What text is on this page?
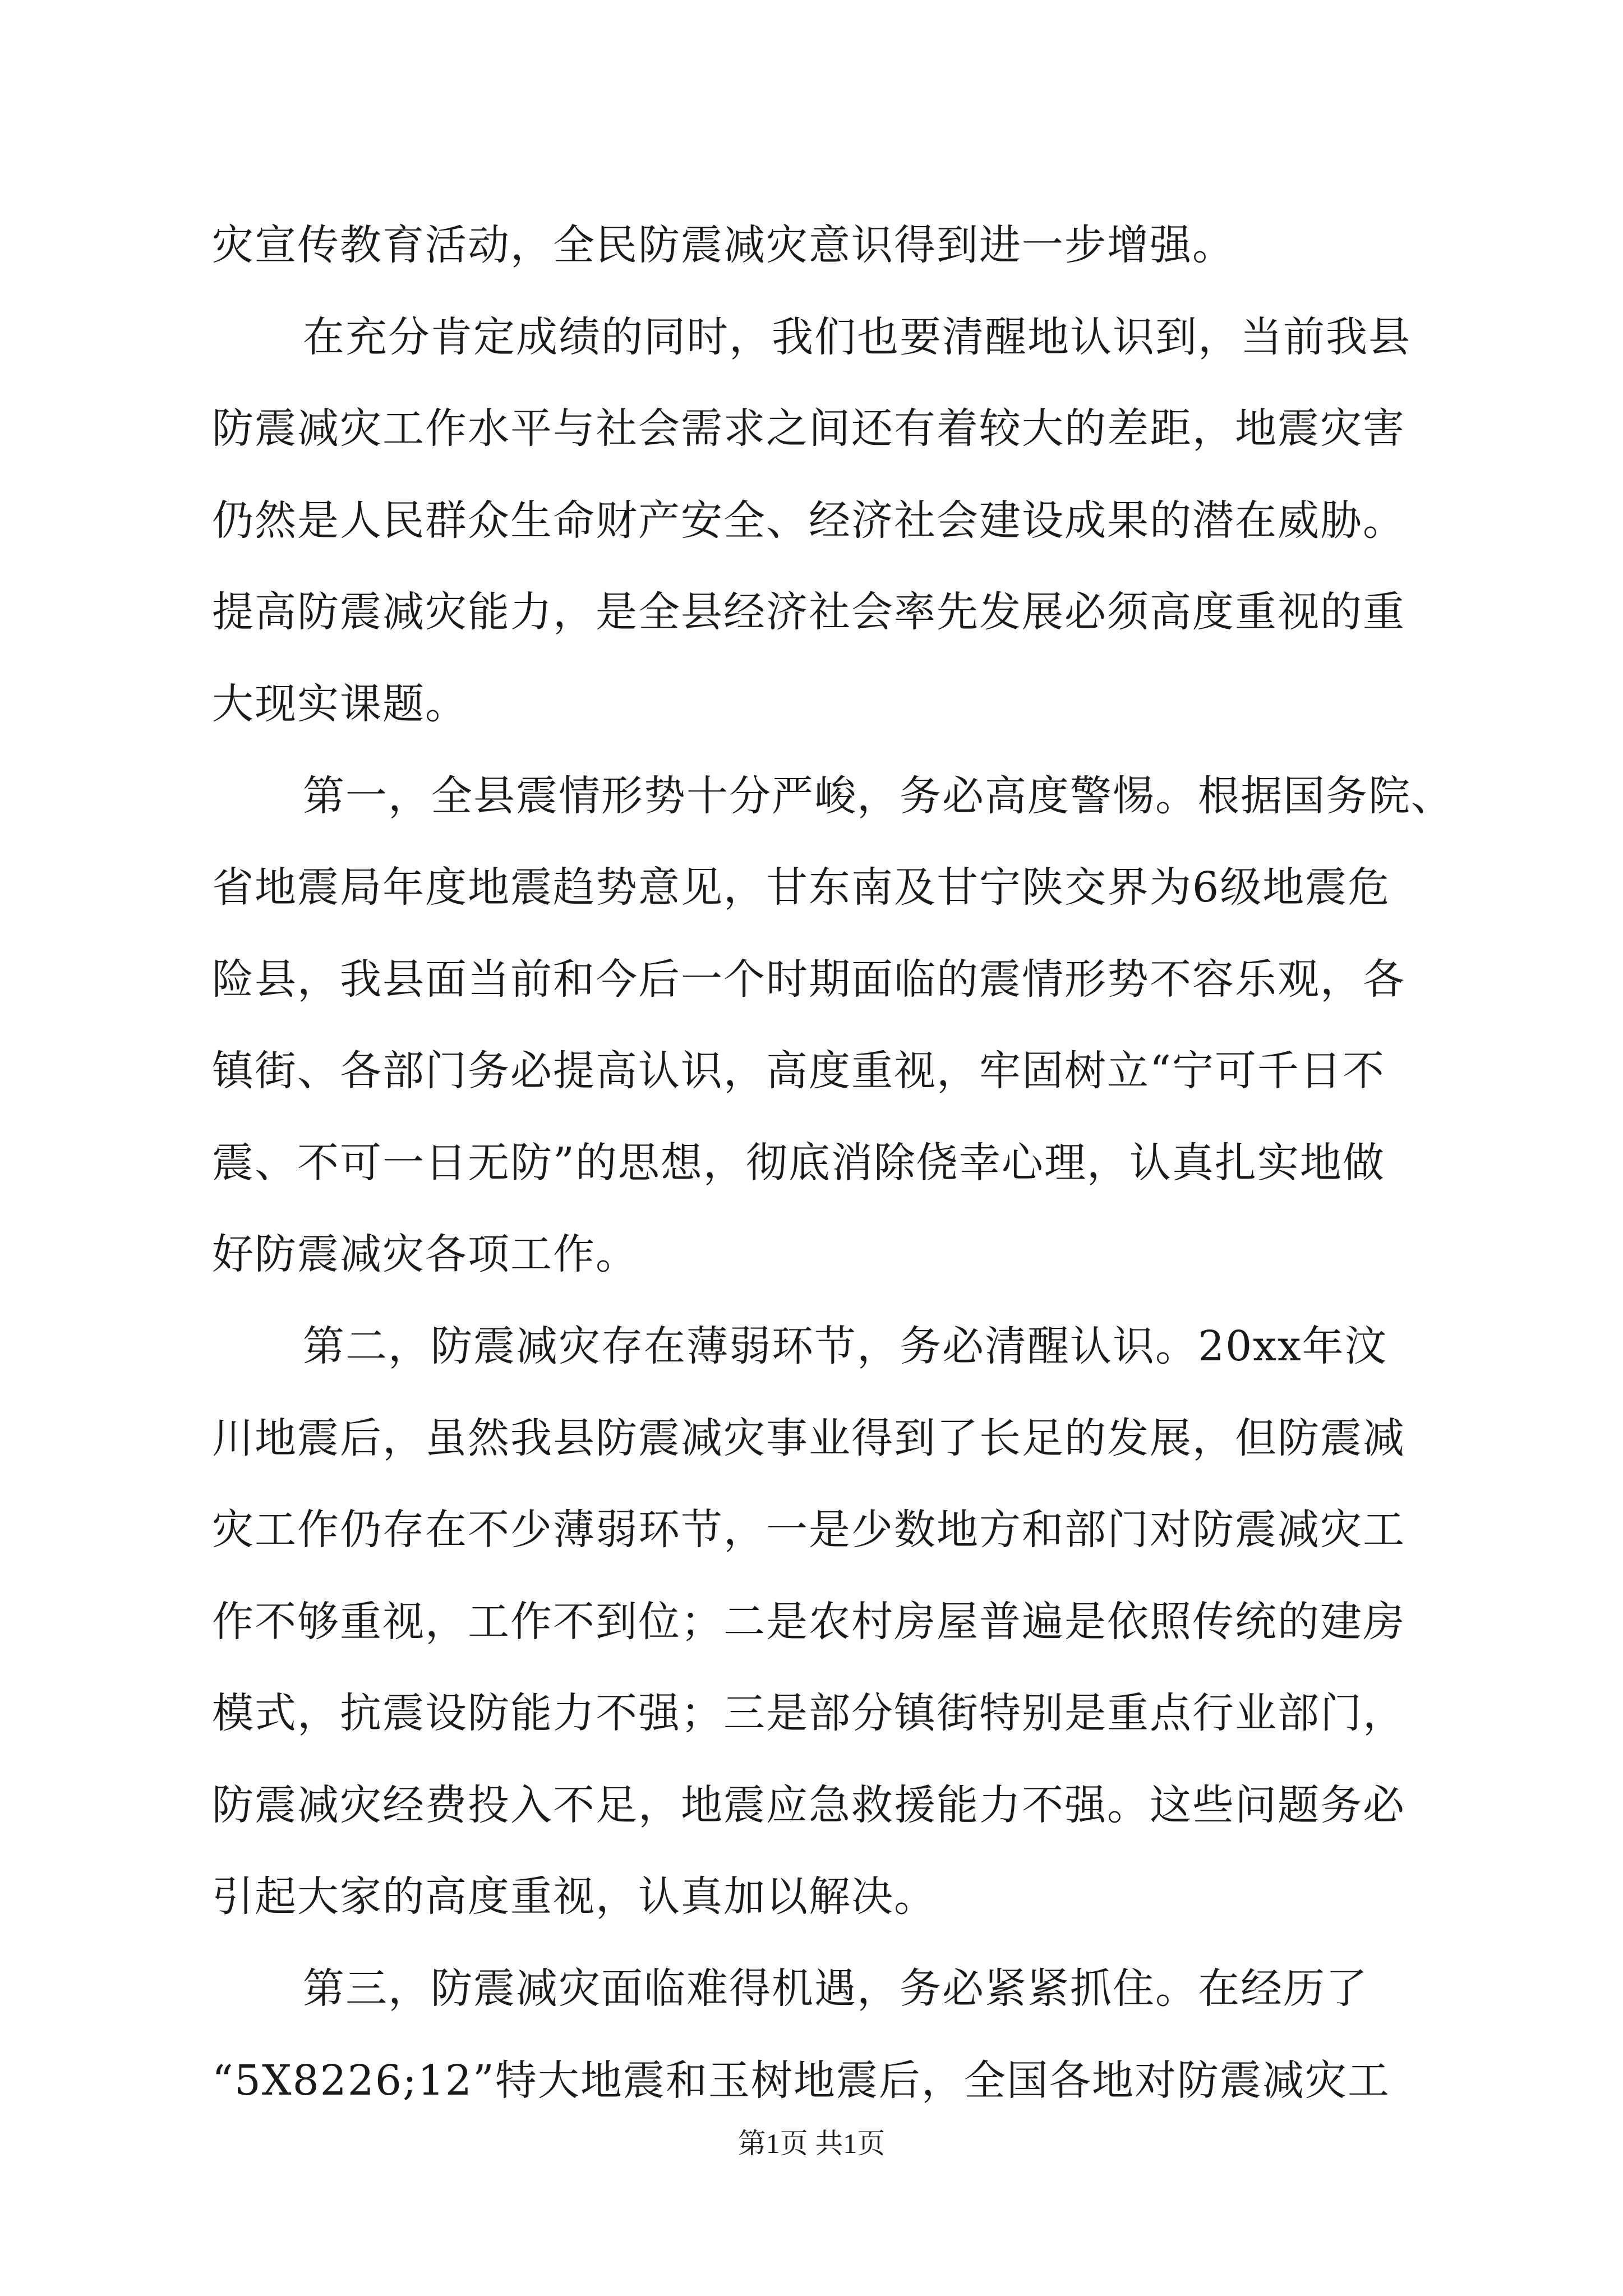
灾宣传教育活动，全民防震减灾意识得到进一步增强。
在充分肯定成绩的同时，我们也要清醒地认识到，当前我县
防震减灾工作水平与社会需求之间还有着较大的差距，地震灾害
仍然是人民群众生命财产安全、经济社会建设成果的潜在威胁。
提高防震减灾能力，是全县经济社会率先发展必须高度重视的重
大现实课题。
第一，全县震情形势十分严峻，务必高度警惕。根据国务院、
省地震局年度地震趋势意见，甘东南及甘宁陕交界为6级地震危
险县，我县面当前和今后一个时期面临的震情形势不容乐观，各
镇街、各部门务必提高认识，高度重视，牢固树立“宁可千日不
震、不可一日无防”的思想，彻底消除侥幸心理，认真扎实地做
好防震减灾各项工作。
第二，防震减灾存在薄弱环节，务必清醒认识。20xx年汶
川地震后，虽然我县防震减灾事业得到了长足的发展，但防震减
灾工作仍存在不少薄弱环节，一是少数地方和部门对防震减灾工
作不够重视，工作不到位；二是农村房屋普遍是依照传统的建房
模式，抗震设防能力不强；三是部分镇街特别是重点行业部门，
防震减灾经费投入不足，地震应急救援能力不强。这些问题务必
引起大家的高度重视，认真加以解决。
第三，防震减灾面临难得机遇，务必紧紧抓住。在经历了
“5X8226;12”特大地震和玉树地震后，全国各地对防震减灾工
第1页 共1页
